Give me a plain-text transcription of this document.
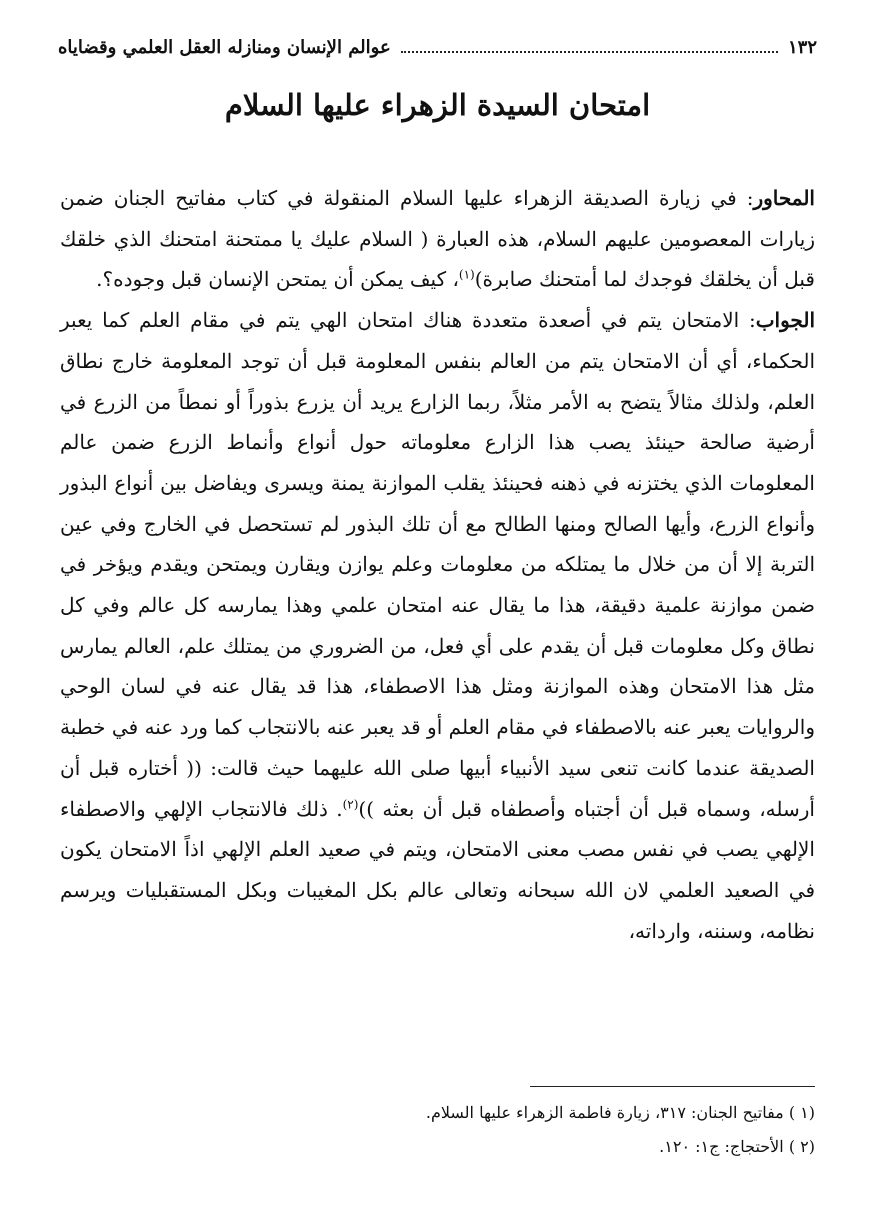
١٣٢
عوالم الإنسان ومنازله العقل العلمي وقضاياه
امتحان السيدة الزهراء عليها السلام

المحاور: في زيارة الصديقة الزهراء عليها السلام المنقولة في كتاب مفاتيح الجنان ضمن زيارات المعصومين عليهم السلام، هذه العبارة ( السلام عليك يا ممتحنة امتحنك الذي خلقك قبل أن يخلقك فوجدك لما أمتحنك صابرة)$^{(١)}$، كيف يمكن أن يمتحن الإنسان قبل وجوده؟.

الجواب: الامتحان يتم في أصعدة متعددة هناك امتحان الهي يتم في مقام العلم كما يعبر الحكماء، أي أن الامتحان يتم من العالم بنفس المعلومة قبل أن توجد المعلومة خارج نطاق العلم، ولذلك مثالاً يتضح به الأمر مثلاً، ربما الزارع يريد أن يزرع بذوراً أو نمطاً من الزرع في أرضية صالحة حينئذ يصب هذا الزارع معلوماته حول أنواع وأنماط الزرع ضمن عالم المعلومات الذي يختزنه في ذهنه فحينئذ يقلب الموازنة يمنة ويسرى ويفاضل بين أنواع البذور وأنواع الزرع، وأيها الصالح ومنها الطالح مع أن تلك البذور لم تستحصل في الخارج وفي عين التربة إلا أن من خلال ما يمتلكه من معلومات وعلم يوازن ويقارن ويمتحن ويقدم ويؤخر في ضمن موازنة علمية دقيقة، هذا ما يقال عنه امتحان علمي وهذا يمارسه كل عالم وفي كل نطاق وكل معلومات قبل أن يقدم على أي فعل، من الضروري من يمتلك علم، العالم يمارس مثل هذا الامتحان وهذه الموازنة ومثل هذا الاصطفاء، هذا قد يقال عنه في لسان الوحي والروايات يعبر عنه بالاصطفاء في مقام العلم أو قد يعبر عنه بالانتجاب كما ورد عنه في خطبة الصديقة عندما كانت تنعى سيد الأنبياء أبيها صلى الله عليهما حيث قالت: (( أختاره قبل أن أرسله، وسماه قبل أن أجتباه وأصطفاه قبل أن بعثه ))$^{(٢)}$. ذلك فالانتجاب الإلهي والاصطفاء الإلهي يصب في نفس مصب معنى الامتحان، ويتم في صعيد العلم الإلهي اذاً الامتحان يكون في الصعيد العلمي لان الله سبحانه وتعالى عالم بكل المغيبات وبكل المستقبليات ويرسم نظامه، وسننه، وارداته،

(١ ) مفاتيح الجنان: ٣١٧، زيارة فاطمة الزهراء عليها السلام.
(٢ ) الأحتجاج: ج١: ١٢٠.
